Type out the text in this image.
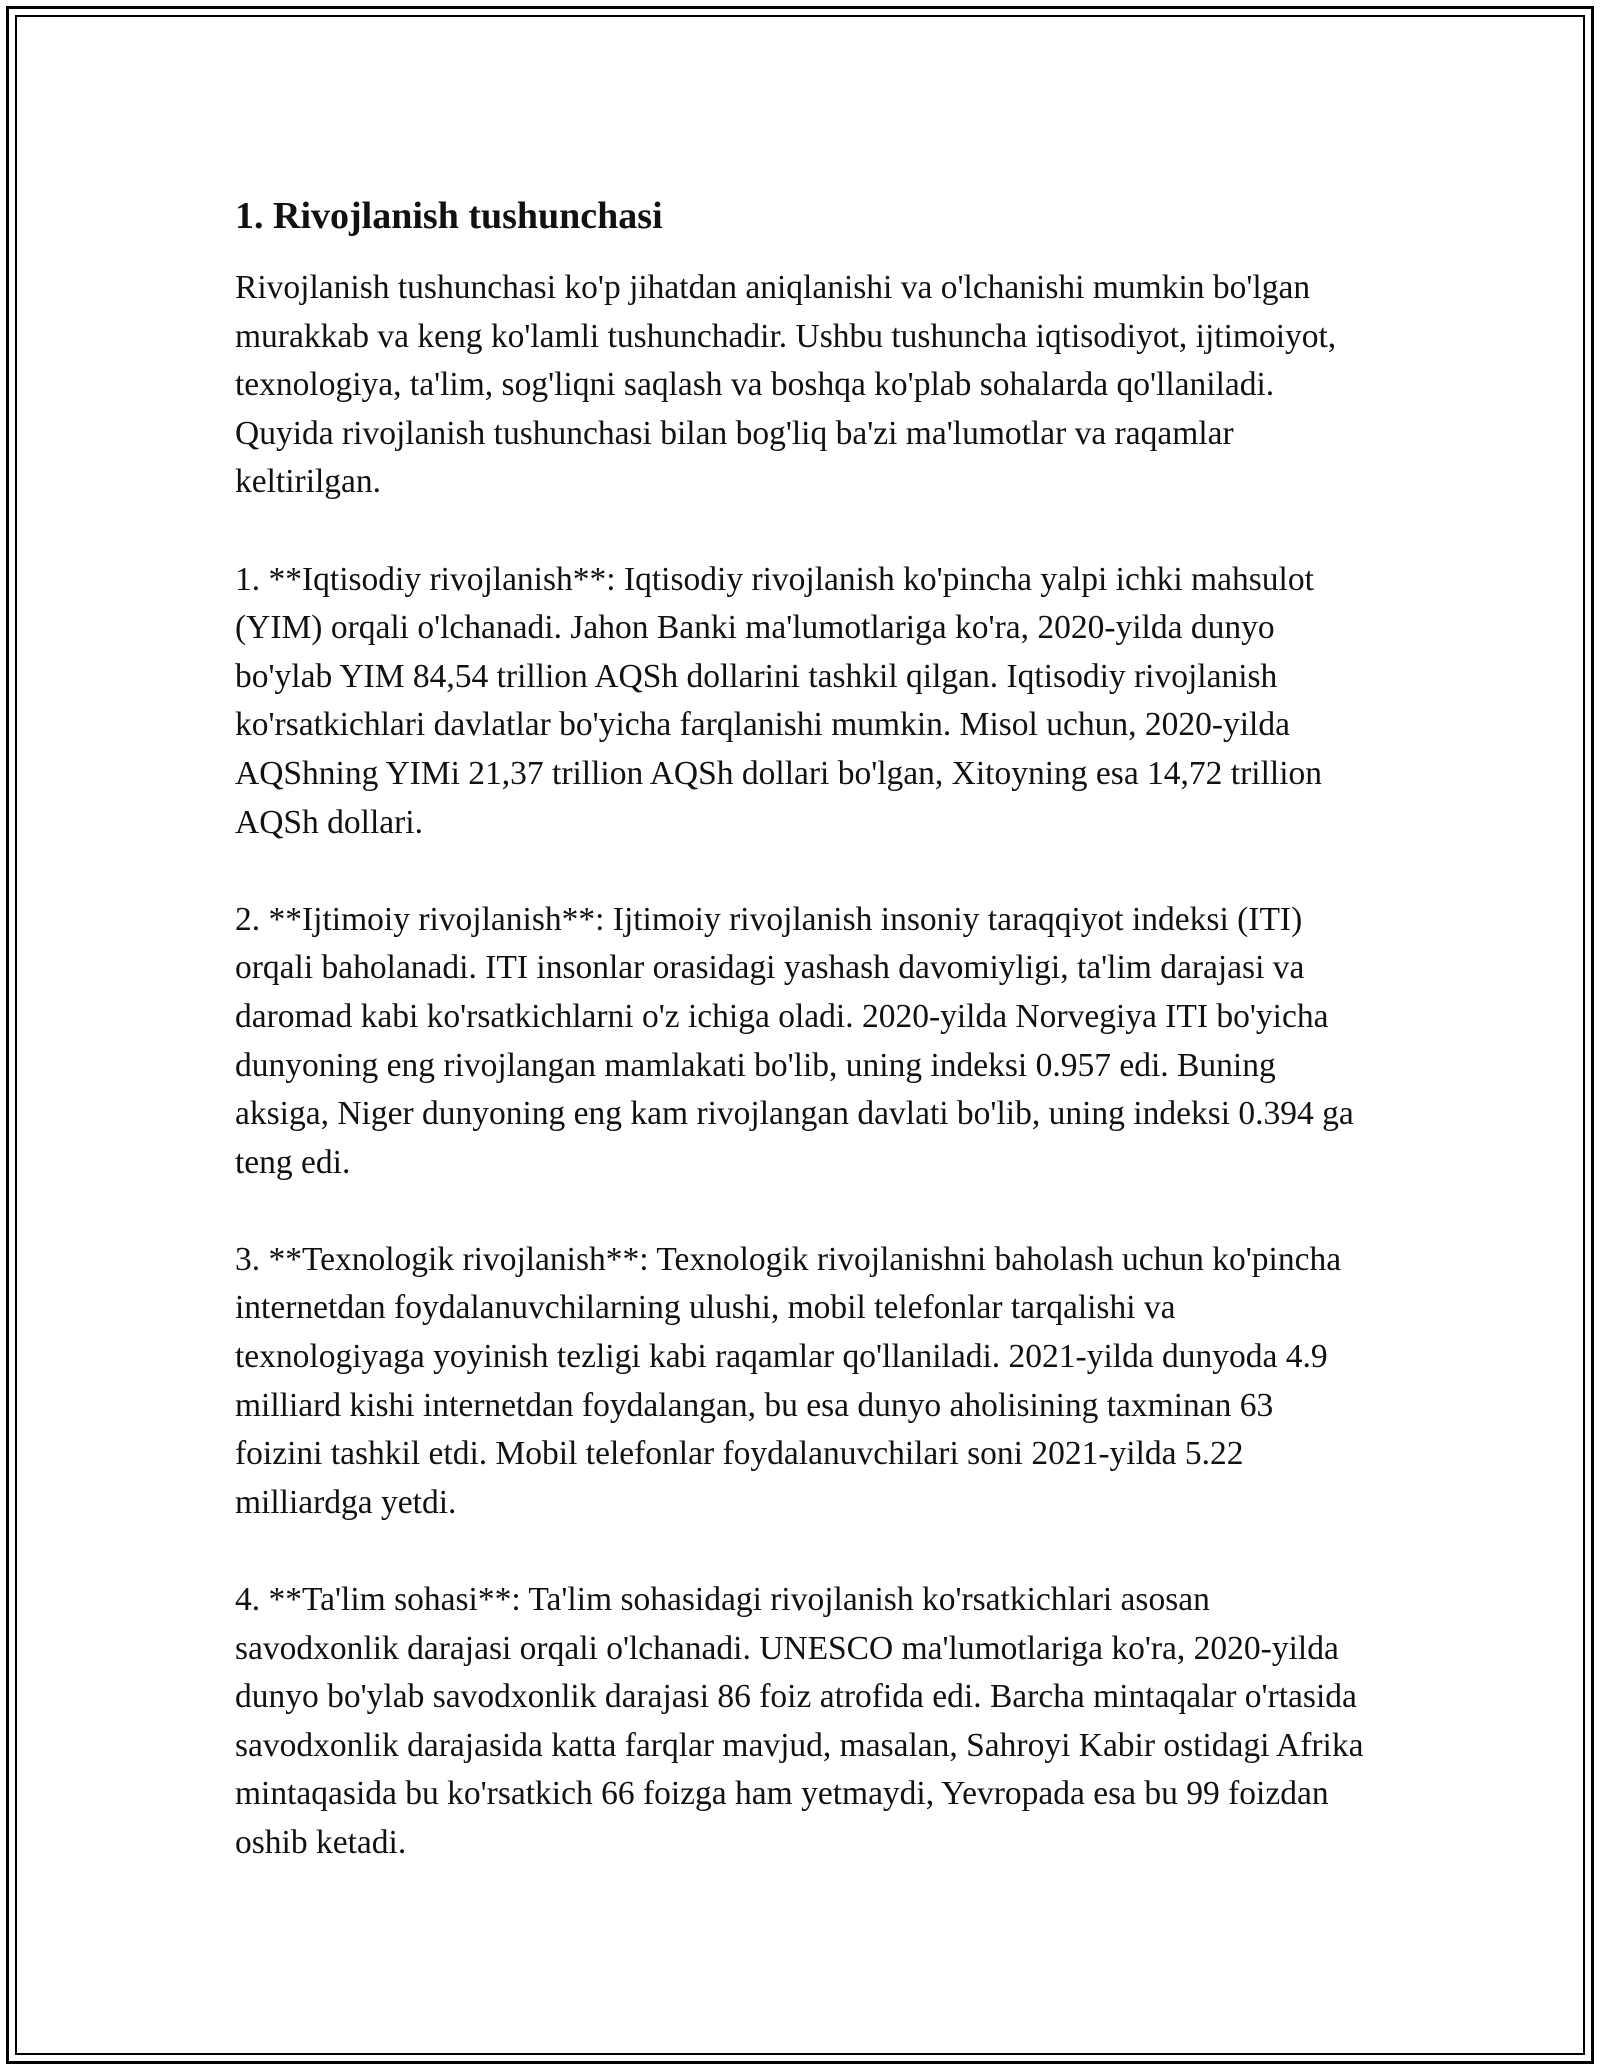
1. Rivojlanish tushunchasi

Rivojlanish tushunchasi ko'p jihatdan aniqlanishi va o'lchanishi mumkin bo'lgan murakkab va keng ko'lamli tushunchadir. Ushbu tushuncha iqtisodiyot, ijtimoiyot, texnologiya, ta'lim, sog'liqni saqlash va boshqa ko'plab sohalarda qo'llaniladi. Quyida rivojlanish tushunchasi bilan bog'liq ba'zi ma'lumotlar va raqamlar keltirilgan.

1. **Iqtisodiy rivojlanish**: Iqtisodiy rivojlanish ko'pincha yalpi ichki mahsulot (YIM) orqali o'lchanadi. Jahon Banki ma'lumotlariga ko'ra, 2020-yilda dunyo bo'ylab YIM 84,54 trillion AQSh dollarini tashkil qilgan. Iqtisodiy rivojlanish ko'rsatkichlari davlatlar bo'yicha farqlanishi mumkin. Misol uchun, 2020-yilda AQShning YIMi 21,37 trillion AQSh dollari bo'lgan, Xitoyning esa 14,72 trillion AQSh dollari.

2. **Ijtimoiy rivojlanish**: Ijtimoiy rivojlanish insoniy taraqqiyot indeksi (ITI) orqali baholanadi. ITI insonlar orasidagi yashash davomiyligi, ta'lim darajasi va daromad kabi ko'rsatkichlarni o'z ichiga oladi. 2020-yilda Norvegiya ITI bo'yicha dunyoning eng rivojlangan mamlakati bo'lib, uning indeksi 0.957 edi. Buning aksiga, Niger dunyoning eng kam rivojlangan davlati bo'lib, uning indeksi 0.394 ga teng edi.

3. **Texnologik rivojlanish**: Texnologik rivojlanishni baholash uchun ko'pincha internetdan foydalanuvchilarning ulushi, mobil telefonlar tarqalishi va texnologiyaga yoyinish tezligi kabi raqamlar qo'llaniladi. 2021-yilda dunyoda 4.9 milliard kishi internetdan foydalangan, bu esa dunyo aholisining taxminan 63 foizini tashkil etdi. Mobil telefonlar foydalanuvchilari soni 2021-yilda 5.22 milliardga yetdi.

4. **Ta'lim sohasi**: Ta'lim sohasidagi rivojlanish ko'rsatkichlari asosan savodxonlik darajasi orqali o'lchanadi. UNESCO ma'lumotlariga ko'ra, 2020-yilda dunyo bo'ylab savodxonlik darajasi 86 foiz atrofida edi. Barcha mintaqalar o'rtasida savodxonlik darajasida katta farqlar mavjud, masalan, Sahroyi Kabir ostidagi Afrika mintaqasida bu ko'rsatkich 66 foizga ham yetmaydi, Yevropada esa bu 99 foizdan oshib ketadi.
